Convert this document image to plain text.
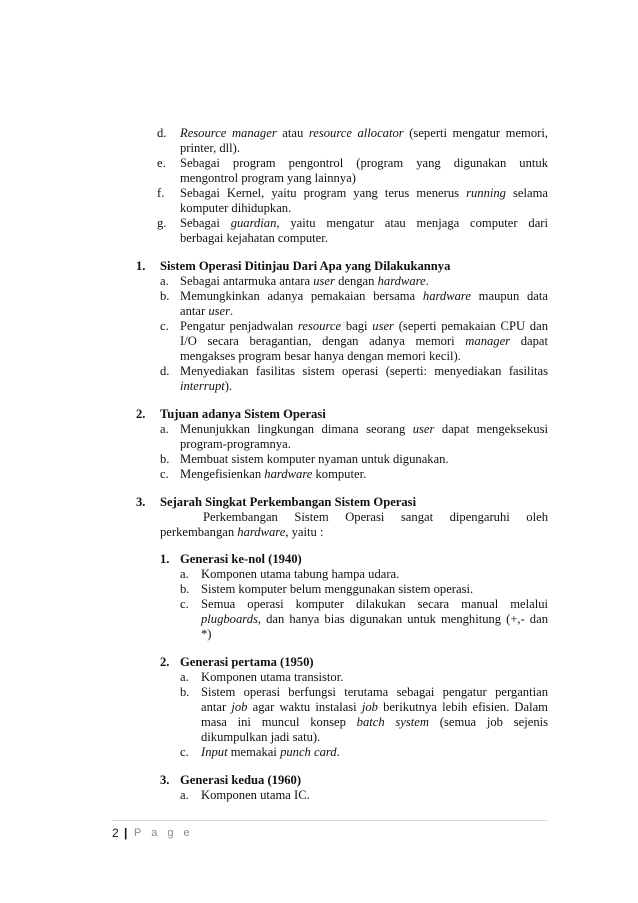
d. Resource manager atau resource allocator (seperti mengatur memori,
printer, dll).
e. Sebagai program pengontrol (program yang digunakan untuk
mengontrol program yang lainnya)
f. Sebagai Kernel, yaitu program yang terus menerus running selama
komputer dihidupkan.
g. Sebagai guardian, yaitu mengatur atau menjaga computer dari
berbagai kejahatan computer.
1. Sistem Operasi Ditinjau Dari Apa yang Dilakukannya
a. Sebagai antarmuka antara user dengan hardware.
b. Memungkinkan adanya pemakaian bersama hardware maupun data
antar user.
c. Pengatur penjadwalan resource bagi user (seperti pemakaian CPU dan
I/O secara beragantian, dengan adanya memori manager dapat
mengakses program besar hanya dengan memori kecil).
d. Menyediakan fasilitas sistem operasi (seperti: menyediakan fasilitas
interrupt).
2. Tujuan adanya Sistem Operasi
a. Menunjukkan lingkungan dimana seorang user dapat mengeksekusi
program-programnya.
b. Membuat sistem komputer nyaman untuk digunakan.
c. Mengefisienkan hardware komputer.
3. Sejarah Singkat Perkembangan Sistem Operasi
Perkembangan Sistem Operasi sangat dipengaruhi oleh
perkembangan hardware, yaitu :
1. Generasi ke-nol (1940)
a. Komponen utama tabung hampa udara.
b. Sistem komputer belum menggunakan sistem operasi.
c. Semua operasi komputer dilakukan secara manual melalui
plugboards, dan hanya bias digunakan untuk menghitung (+,- dan
*)
2. Generasi pertama (1950)
a. Komponen utama transistor.
b. Sistem operasi berfungsi terutama sebagai pengatur pergantian
antar job agar waktu instalasi job berikutnya lebih efisien. Dalam
masa ini muncul konsep batch system (semua job sejenis
dikumpulkan jadi satu).
c. Input memakai punch card.
3. Generasi kedua (1960)
a. Komponen utama IC.
2 | P a g e
